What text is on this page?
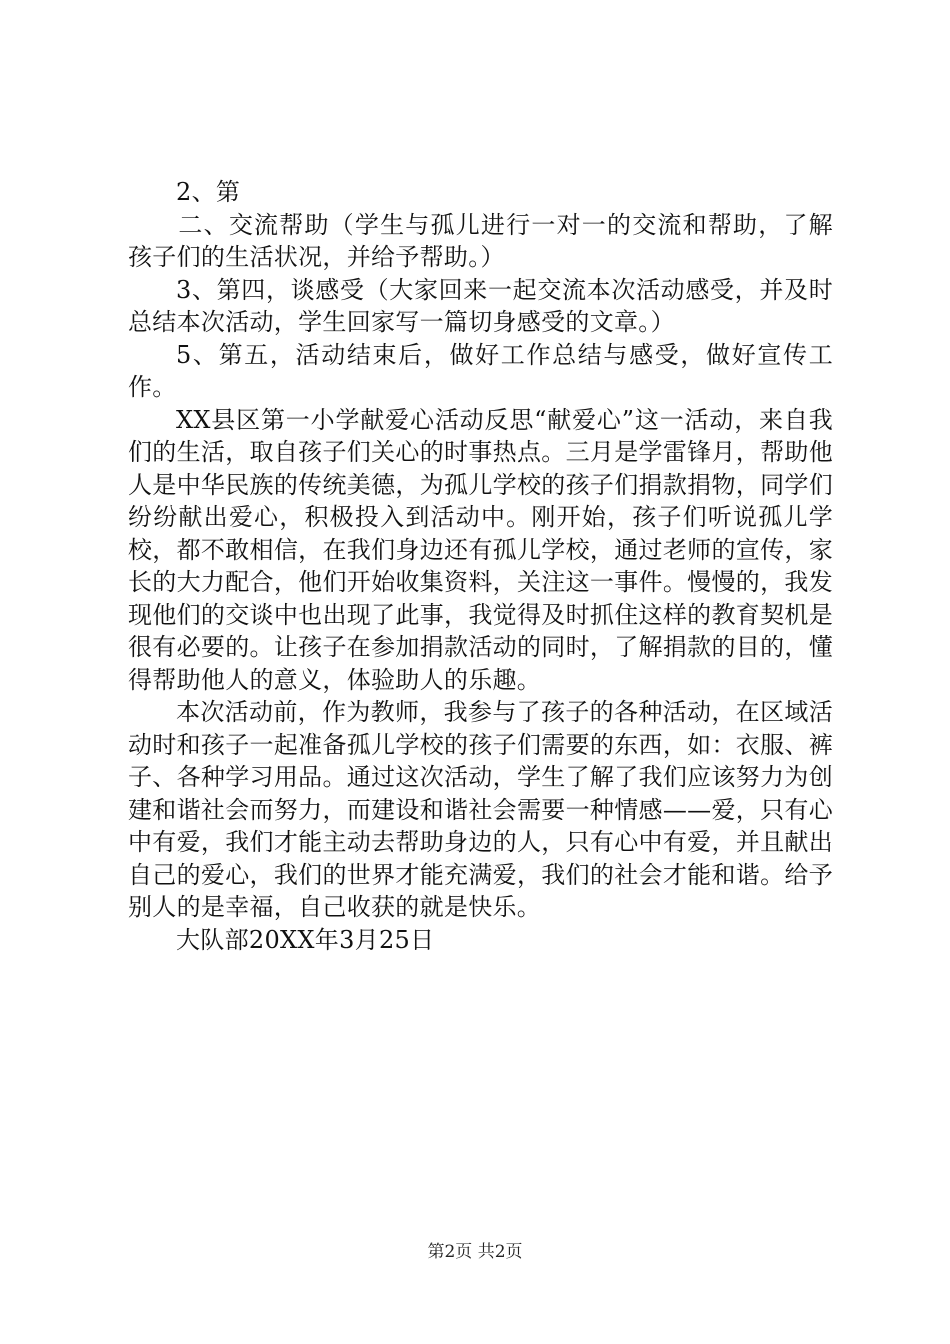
2、第

二、交流帮助（学生与孤儿进行一对一的交流和帮助，了解孩子们的生活状况，并给予帮助。）

3、第四，谈感受（大家回来一起交流本次活动感受，并及时总结本次活动，学生回家写一篇切身感受的文章。）

5、第五，活动结束后，做好工作总结与感受，做好宣传工作。

XX县区第一小学献爱心活动反思“献爱心”这一活动，来自我们的生活，取自孩子们关心的时事热点。三月是学雷锋月，帮助他人是中华民族的传统美德，为孤儿学校的孩子们捐款捐物，同学们纷纷献出爱心，积极投入到活动中。刚开始，孩子们听说孤儿学校，都不敢相信，在我们身边还有孤儿学校，通过老师的宣传，家长的大力配合，他们开始收集资料，关注这一事件。慢慢的，我发现他们的交谈中也出现了此事，我觉得及时抓住这样的教育契机是很有必要的。让孩子在参加捐款活动的同时，了解捐款的目的，懂得帮助他人的意义，体验助人的乐趣。

本次活动前，作为教师，我参与了孩子的各种活动，在区域活动时和孩子一起准备孤儿学校的孩子们需要的东西，如：衣服、裤子、各种学习用品。通过这次活动，学生了解了我们应该努力为创建和谐社会而努力，而建设和谐社会需要一种情感——爱，只有心中有爱，我们才能主动去帮助身边的人，只有心中有爱，并且献出自己的爱心，我们的世界才能充满爱，我们的社会才能和谐。给予别人的是幸福，自己收获的就是快乐。

大队部20XX年3月25日

第2页 共2页
